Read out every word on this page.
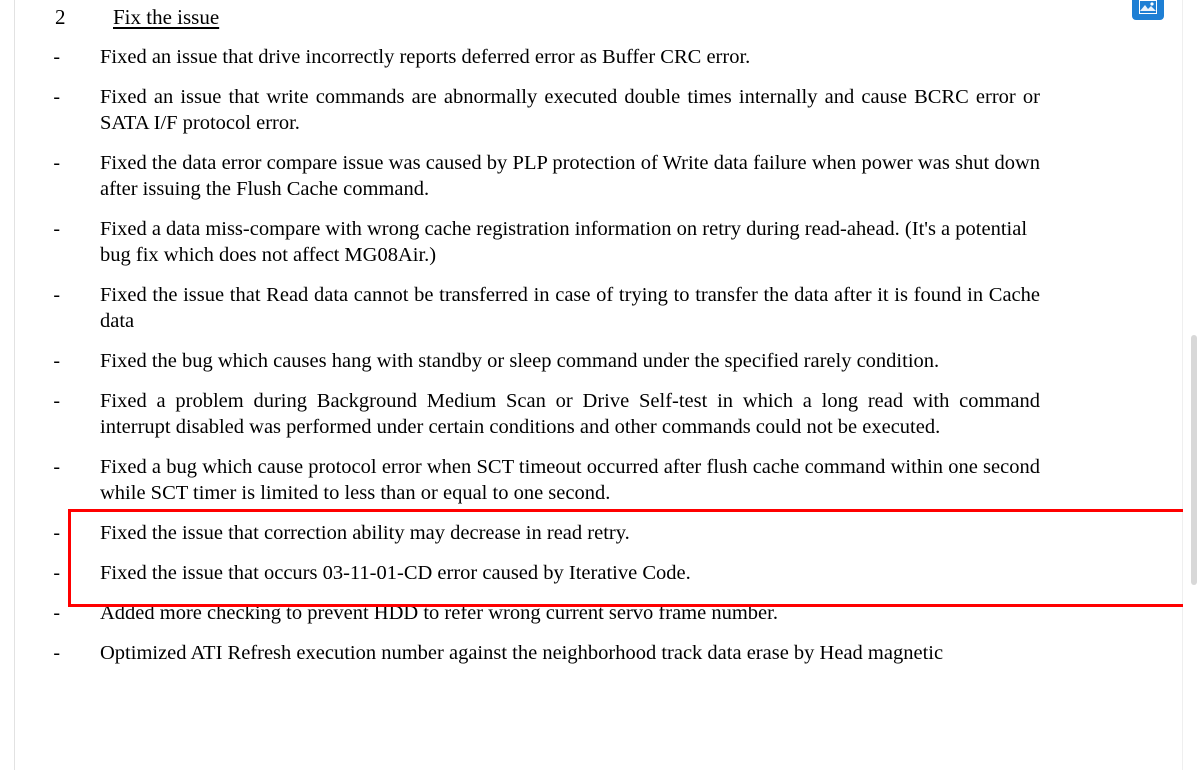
2 Fix the issue
-	Fixed an issue that drive incorrectly reports deferred error as Buffer CRC error.
-	Fixed an issue that write commands are abnormally executed double times internally and cause BCRC error or SATA I/F protocol error.
-	Fixed the data error compare issue was caused by PLP protection of Write data failure when power was shut down after issuing the Flush Cache command.
-	Fixed a data miss-compare with wrong cache registration information on retry during read-ahead. (It's a potential bug fix which does not affect MG08Air.)
-	Fixed the issue that Read data cannot be transferred in case of trying to transfer the data after it is found in Cache data
-	Fixed the bug which causes hang with standby or sleep command under the specified rarely condition.
-	Fixed a problem during Background Medium Scan or Drive Self-test in which a long read with command interrupt disabled was performed under certain conditions and other commands could not be executed.
-	Fixed a bug which cause protocol error when SCT timeout occurred after flush cache command within one second while SCT timer is limited to less than or equal to one second.
-	Fixed the issue that correction ability may decrease in read retry.
-	Fixed the issue that occurs 03-11-01-CD error caused by Iterative Code.
-	Added more checking to prevent HDD to refer wrong current servo frame number.
-	Optimized ATI Refresh execution number against the neighborhood track data erase by Head magnetic
